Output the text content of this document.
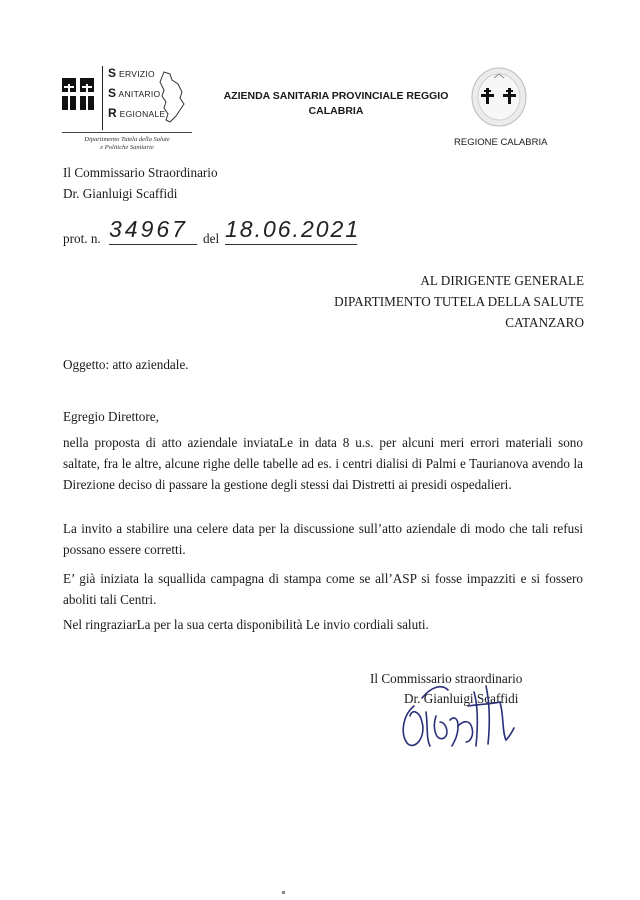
S ERVIZIO
S ANITARIO
R EGIONALE
Dipartimento Tutela della Salute
e Politiche Sanitarie
AZIENDA SANITARIA PROVINCIALE REGGIO
CALABRIA
REGIONE CALABRIA
Il Commissario Straordinario
Dr. Gianluigi Scaffidi
prot. n. 34967 del 18.06.2021
AL DIRIGENTE GENERALE
DIPARTIMENTO TUTELA DELLA SALUTE
CATANZARO
Oggetto: atto aziendale.
Egregio Direttore,
nella proposta di atto aziendale inviataLe in data 8 u.s. per alcuni meri errori materiali sono saltate, fra le altre, alcune righe delle tabelle ad es. i centri dialisi di Palmi e Taurianova avendo la Direzione deciso di passare la gestione degli stessi dai Distretti ai presidi ospedalieri.
La invito a stabilire una celere data per la discussione sull’atto aziendale di modo che tali refusi possano essere corretti.
E’ già iniziata la squallida campagna di stampa come se all’ASP si fosse impazziti e si fossero aboliti tali Centri.
Nel ringraziarLa per la sua certa disponibilità Le invio cordiali saluti.
Il Commissario straordinario
Dr. Gianluigi Scaffidi
